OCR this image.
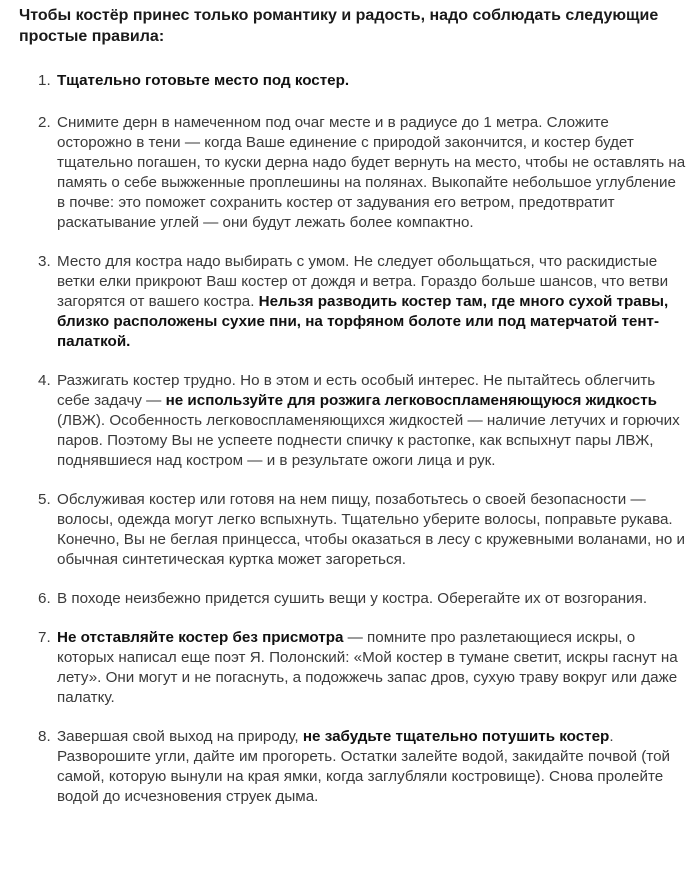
Чтобы костёр принес только романтику и радость, надо соблюдать следующие простые правила:

1. Тщательно готовьте место под костер.
2. Снимите дерн в намеченном под очаг месте и в радиусе до 1 метра. Сложите осторожно в тени — когда Ваше единение с природой закончится, и костер будет тщательно погашен, то куски дерна надо будет вернуть на место, чтобы не оставлять на память о себе выжженные проплешины на полянах. Выкопайте небольшое углубление в почве: это поможет сохранить костер от задувания его ветром, предотвратит раскатывание углей — они будут лежать более компактно.
3. Место для костра надо выбирать с умом. Не следует обольщаться, что раскидистые ветки елки прикроют Ваш костер от дождя и ветра. Гораздо больше шансов, что ветви загорятся от вашего костра. Нельзя разводить костер там, где много сухой травы, близко расположены сухие пни, на торфяном болоте или под матерчатой тент-палаткой.
4. Разжигать костер трудно. Но в этом и есть особый интерес. Не пытайтесь облегчить себе задачу — не используйте для розжига легковоспламеняющуюся жидкость (ЛВЖ). Особенность легковоспламеняющихся жидкостей — наличие летучих и горючих паров. Поэтому Вы не успеете поднести спичку к растопке, как вспыхнут пары ЛВЖ, поднявшиеся над костром — и в результате ожоги лица и рук.
5. Обслуживая костер или готовя на нем пищу, позаботьтесь о своей безопасности — волосы, одежда могут легко вспыхнуть. Тщательно уберите волосы, поправьте рукава. Конечно, Вы не беглая принцесса, чтобы оказаться в лесу с кружевными воланами, но и обычная синтетическая куртка может загореться.
6. В походе неизбежно придется сушить вещи у костра. Оберегайте их от возгорания.
7. Не отставляйте костер без присмотра — помните про разлетающиеся искры, о которых написал еще поэт Я. Полонский: «Мой костер в тумане светит, искры гаснут на лету». Они могут и не погаснуть, а подожжечь запас дров, сухую траву вокруг или даже палатку.
8. Завершая свой выход на природу, не забудьте тщательно потушить костер. Разворошите угли, дайте им прогореть. Остатки залейте водой, закидайте почвой (той самой, которую вынули на края ямки, когда заглубляли костровище). Снова пролейте водой до исчезновения струек дыма.
